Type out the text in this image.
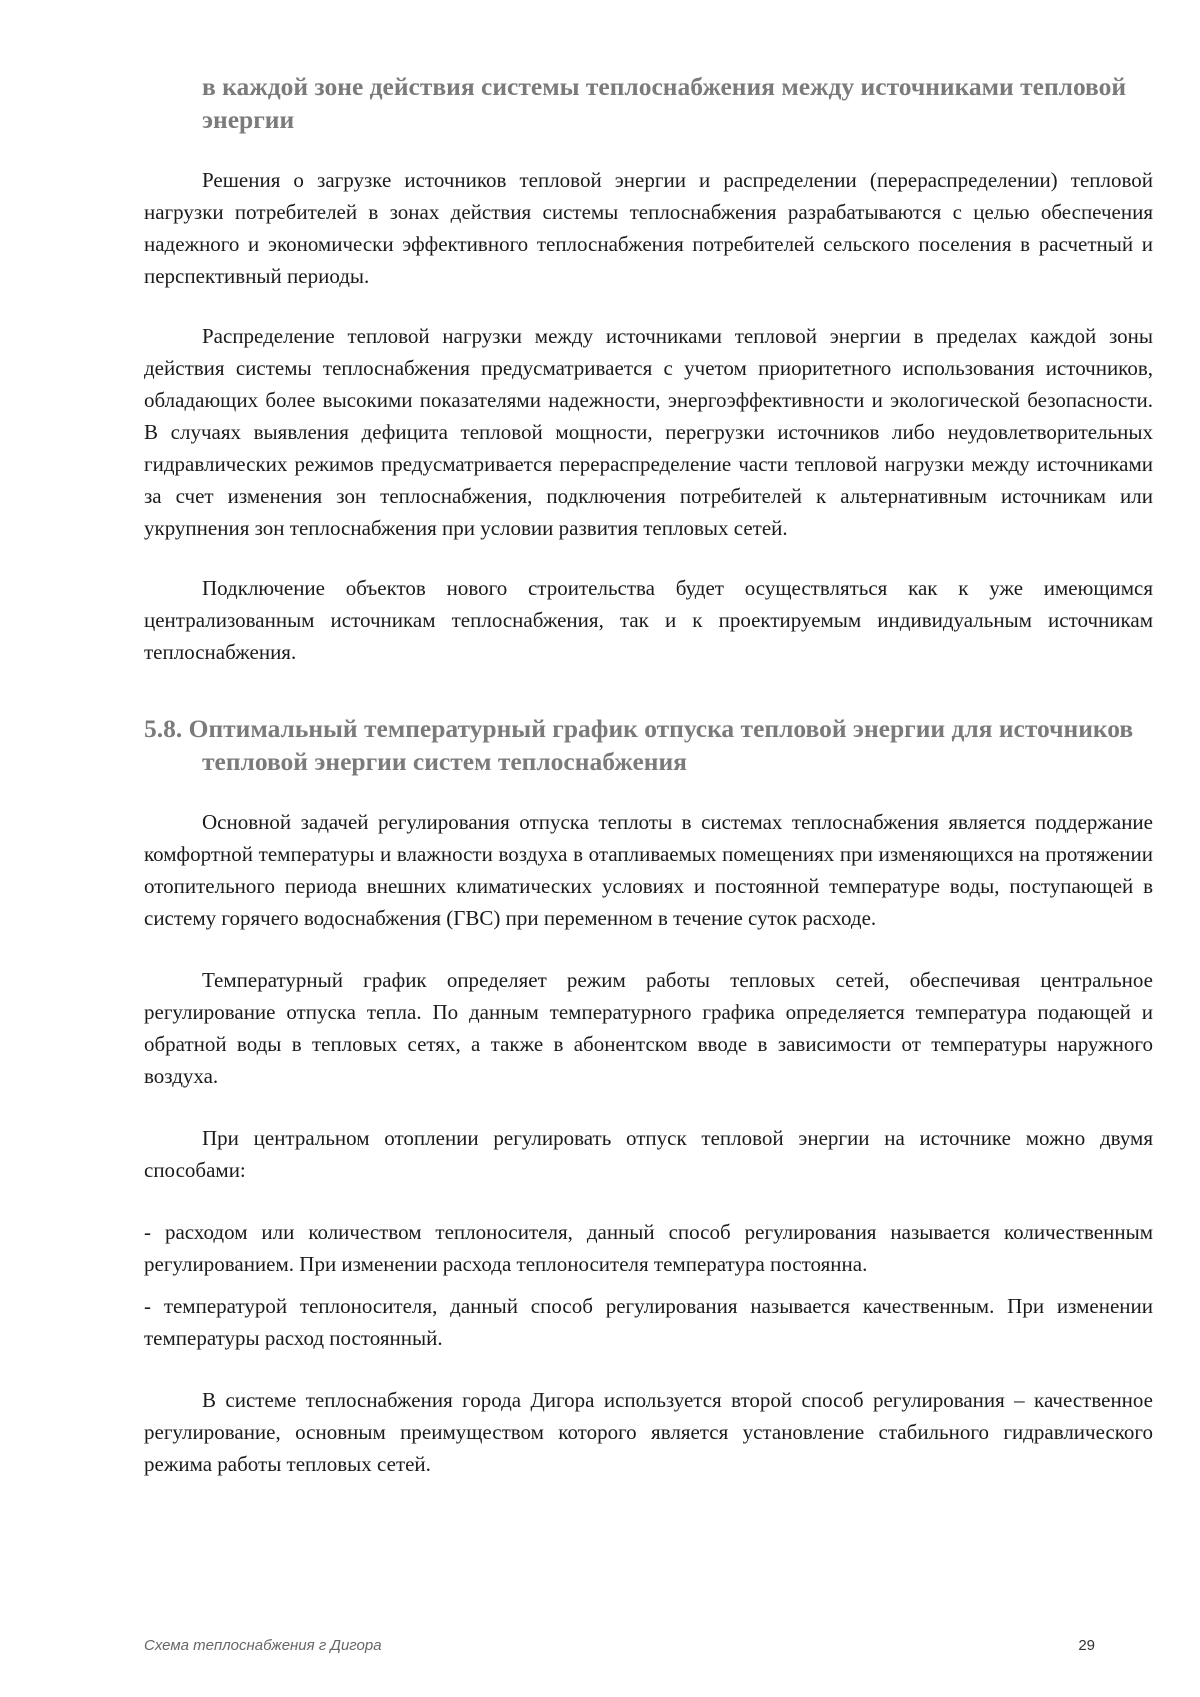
в каждой зоне действия системы теплоснабжения между источниками тепловой энергии

Решения о загрузке источников тепловой энергии и распределении (перераспределении) тепловой нагрузки потребителей в зонах действия системы теплоснабжения разрабатываются с целью обеспечения надежного и экономически эффективного теплоснабжения потребителей сельского поселения в расчетный и перспективный периоды.

Распределение тепловой нагрузки между источниками тепловой энергии в пределах каждой зоны действия системы теплоснабжения предусматривается с учетом приоритетного использования источников, обладающих более высокими показателями надежности, энергоэффективности и экологической безопасности. В случаях выявления дефицита тепловой мощности, перегрузки источников либо неудовлетворительных гидравлических режимов предусматривается перераспределение части тепловой нагрузки между источниками за счет изменения зон теплоснабжения, подключения потребителей к альтернативным источникам или укрупнения зон теплоснабжения при условии развития тепловых сетей.

Подключение объектов нового строительства будет осуществляться как к уже имеющимся централизованным источникам теплоснабжения, так и к проектируемым индивидуальным источникам теплоснабжения.

5.8. Оптимальный температурный график отпуска тепловой энергии для источников тепловой энергии систем теплоснабжения

Основной задачей регулирования отпуска теплоты в системах теплоснабжения является поддержание комфортной температуры и влажности воздуха в отапливаемых помещениях при изменяющихся на протяжении отопительного периода внешних климатических условиях и постоянной температуре воды, поступающей в систему горячего водоснабжения (ГВС) при переменном в течение суток расходе.

Температурный график определяет режим работы тепловых сетей, обеспечивая центральное регулирование отпуска тепла. По данным температурного графика определяется температура подающей и обратной воды в тепловых сетях, а также в абонентском вводе в зависимости от температуры наружного воздуха.

При центральном отоплении регулировать отпуск тепловой энергии на источнике можно двумя способами:

- расходом или количеством теплоносителя, данный способ регулирования называется количественным регулированием. При изменении расхода теплоносителя температура постоянна.

- температурой теплоносителя, данный способ регулирования называется качественным. При изменении температуры расход постоянный.

В системе теплоснабжения города Дигора используется второй способ регулирования – качественное регулирование, основным преимуществом которого является установление стабильного гидравлического режима работы тепловых сетей.

Схема теплоснабжения г Дигора	29
